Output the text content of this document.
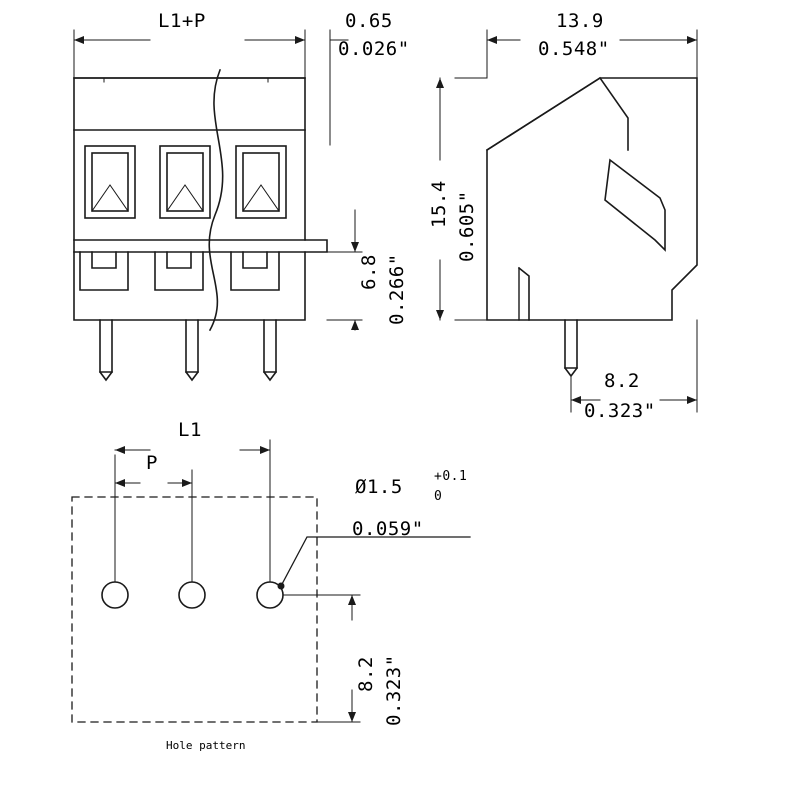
L1+P	0.65
0.026"
6.8 0.266"
13.9
0.548"
15.4 0.605"
8.2
0.323"
L1
P
Ø1.5 +0.1
0
0.059"
8.2 0.323"
Hole pattern
